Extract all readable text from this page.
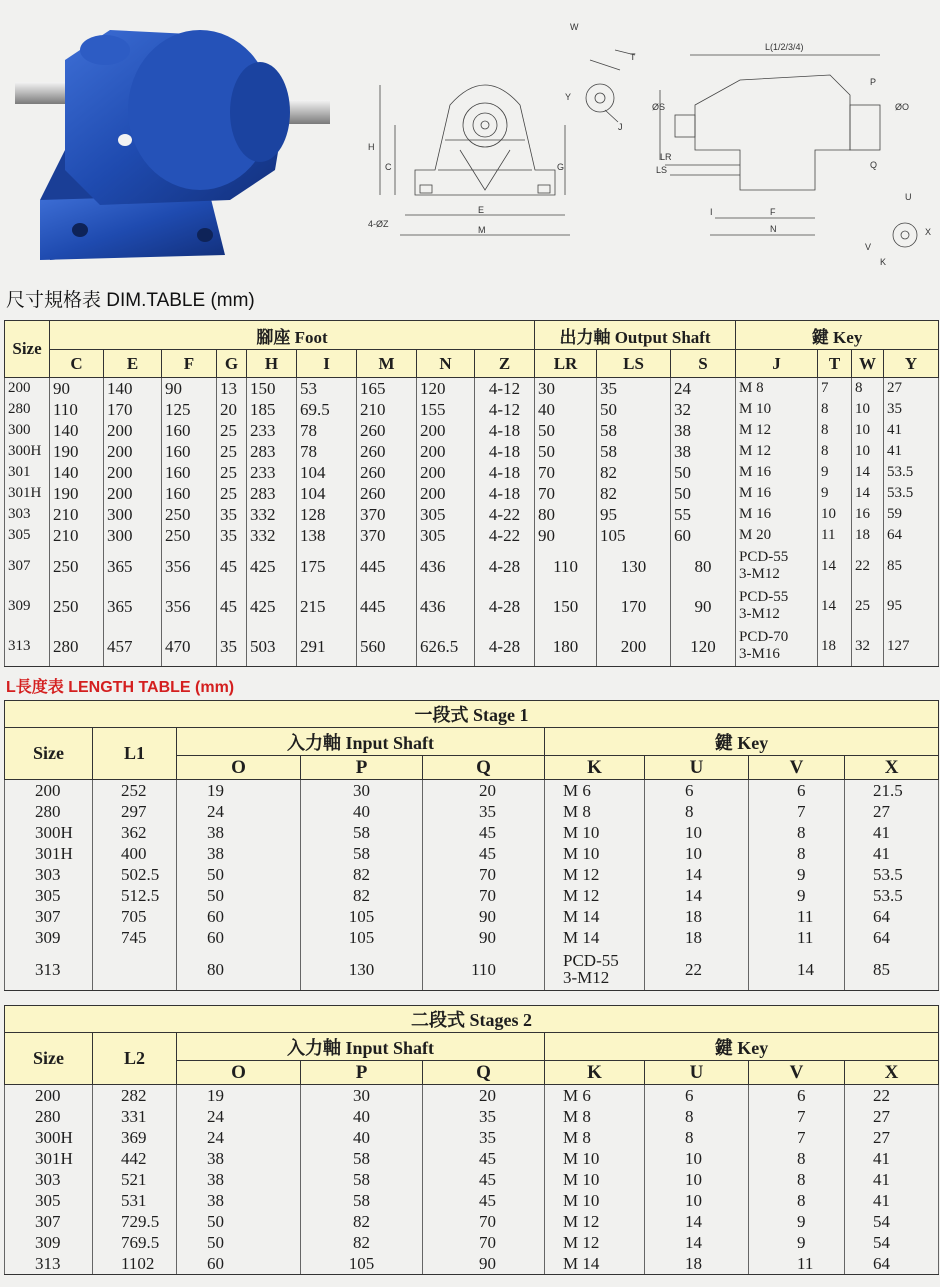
H
C	G
E
M
4-ØZ
W
T
Y
J
L(1/2/3/4)
ØS
LR
LS
P
ØO
Q
U
I	F
N	X
V
K
尺寸規格表 DIM.TABLE (mm)
Size	腳座 Foot									出力軸 Output Shaft			鍵 Key			
	C	E	F	G	H	I	M	N	Z	LR	LS	S	J	T	W	Y
200	90	140	90	13	150	53	165	120	4-12	30	35	24	M 8	7	8	27
280	110	170	125	20	185	69.5	210	155	4-12	40	50	32	M 10	8	10	35
300	140	200	160	25	233	78	260	200	4-18	50	58	38	M 12	8	10	41
300H	190	200	160	25	283	78	260	200	4-18	50	58	38	M 12	8	10	41
301	140	200	160	25	233	104	260	200	4-18	70	82	50	M 16	9	14	53.5
301H	190	200	160	25	283	104	260	200	4-18	70	82	50	M 16	9	14	53.5
303	210	300	250	35	332	128	370	305	4-22	80	95	55	M 16	10	16	59
305	210	300	250	35	332	138	370	305	4-22	90	105	60	M 20	11	18	64
307	250	365	356	45	425	175	445	436	4-28	110	130	80	PCD-55
3-M12	14	22	85
309	250	365	356	45	425	215	445	436	4-28	150	170	90	PCD-55
3-M12	14	25	95
313	280	457	470	35	503	291	560	626.5	4-28	180	200	120	PCD-70
3-M16	18	32	127
L長度表 LENGTH TABLE (mm)
一段式 Stage 1								
Size	L1	入力軸 Input Shaft			鍵 Key			
		O	P	Q	K	U	V	X
200	252	19	30	20	M 6	6	6	21.5
280	297	24	40	35	M 8	8	7	27
300H	362	38	58	45	M 10	10	8	41
301H	400	38	58	45	M 10	10	8	41
303	502.5	50	82	70	M 12	14	9	53.5
305	512.5	50	82	70	M 12	14	9	53.5
307	705	60	105	90	M 14	18	11	64
309	745	60	105	90	M 14	18	11	64
313		80	130	110	PCD-55
3-M12	22	14	85
二段式 Stages 2								
Size	L2	入力軸 Input Shaft			鍵 Key			
		O	P	Q	K	U	V	X
200	282	19	30	20	M 6	6	6	22
280	331	24	40	35	M 8	8	7	27
300H	369	24	40	35	M 8	8	7	27
301H	442	38	58	45	M 10	10	8	41
303	521	38	58	45	M 10	10	8	41
305	531	38	58	45	M 10	10	8	41
307	729.5	50	82	70	M 12	14	9	54
309	769.5	50	82	70	M 12	14	9	54
313	1102	60	105	90	M 14	18	11	64
